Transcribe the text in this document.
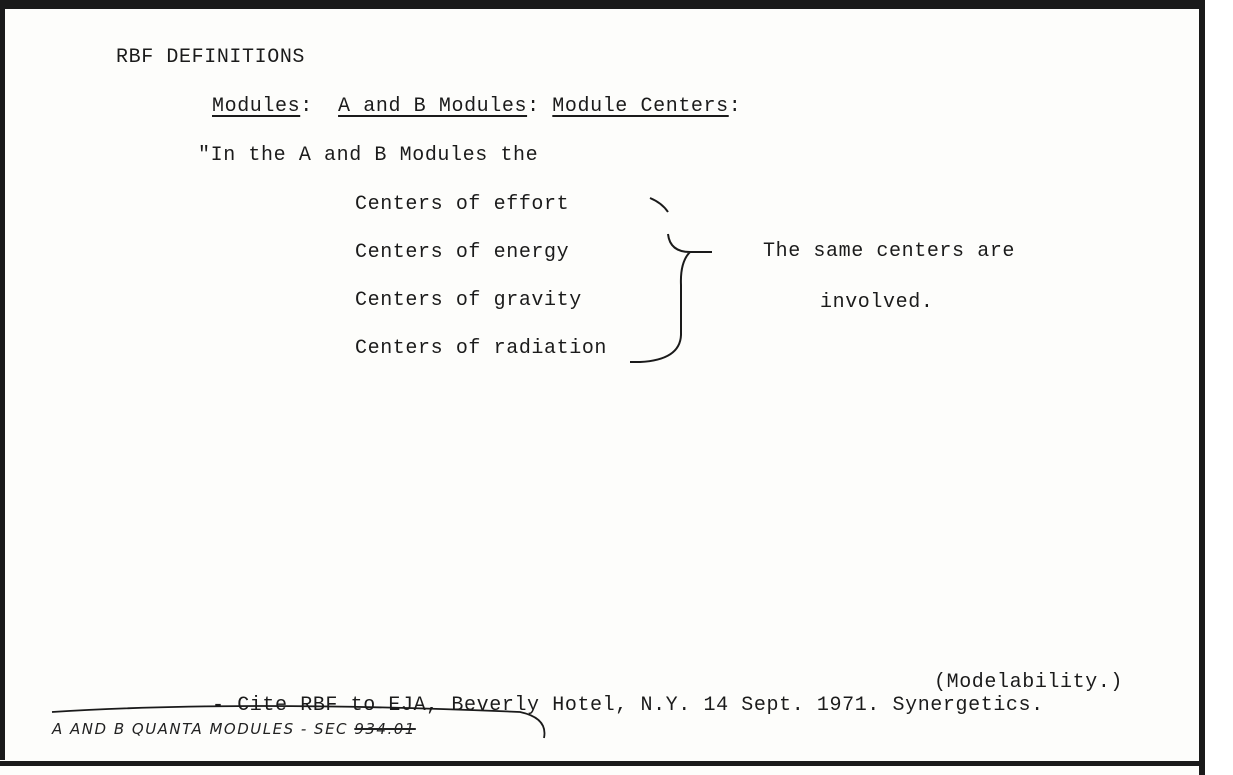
RBF DEFINITIONS
Modules: A and B Modules: Module Centers:
"In the A and B Modules the
Centers of effort
Centers of energy
Centers of gravity
Centers of radiation
The same centers are
involved.
(Modelability.)
- Cite RBF to EJA, Beverly Hotel, N.Y. 14 Sept. 1971. Synergetics.
A AND B QUANTA MODULES - SEC 934.01
